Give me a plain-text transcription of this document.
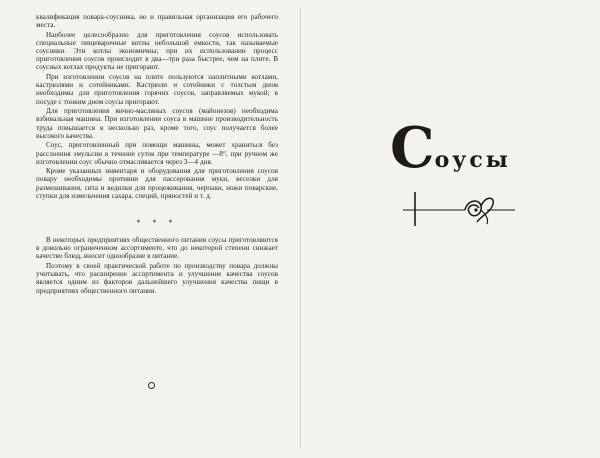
квалификация повара-соусника, но и правильная организация его рабочего места.

Наиболее целесообразно для приготовления соусов использовать специальные пищеварочные котлы небольшой емкости, так называемые соусники. Эти котлы экономичны; при их использовании процесс приготовления соусов происходит в два—три раза быстрее, чем на плите. В соусных котлах продукты не пригорают.

При изготовлении соусов на плите пользуются наплитными котлами, кастрюлями и сотейниками. Кастрюли и сотейники с толстым дном необходимы для приготовления горячих соусов, заправляемых мукой; в посуде с тонким дном соусы пригорают.

Для приготовления яично-масляных соусов (майонезов) необходима взбивальная машина. При изготовлении соуса в машине производительность труда повышается в несколько раз, кроме того, соус получается более высокого качества.

Соус, приготовленный при помощи машины, может храниться без расслоения эмульсии в течение суток при температуре —8°, при ручном же изготовлении соус обычно отмасливается через 3—4 дня.

Кроме указанных инвентаря и оборудования для приготовления соусов повару необходимы противни для пассерования муки, веселки для размешивания, сита и ведилки для процеживания, черпаки, ножи поварские, ступки для измельчения сахара, специй, пряностей и т. д.

* * *

В некоторых предприятиях общественного питания соусы приготовляются в довольно ограниченном ассортименте, что до некоторой степени снижает качество блюд, вносит однообразие в питание.

Поэтому в своей практической работе по производству повара должны учитывать, что расширение ассортимента и улучшение качества соусов является одним из факторов дальнейшего улучшения качества пищи в предприятиях общественного питания.

Соусы
